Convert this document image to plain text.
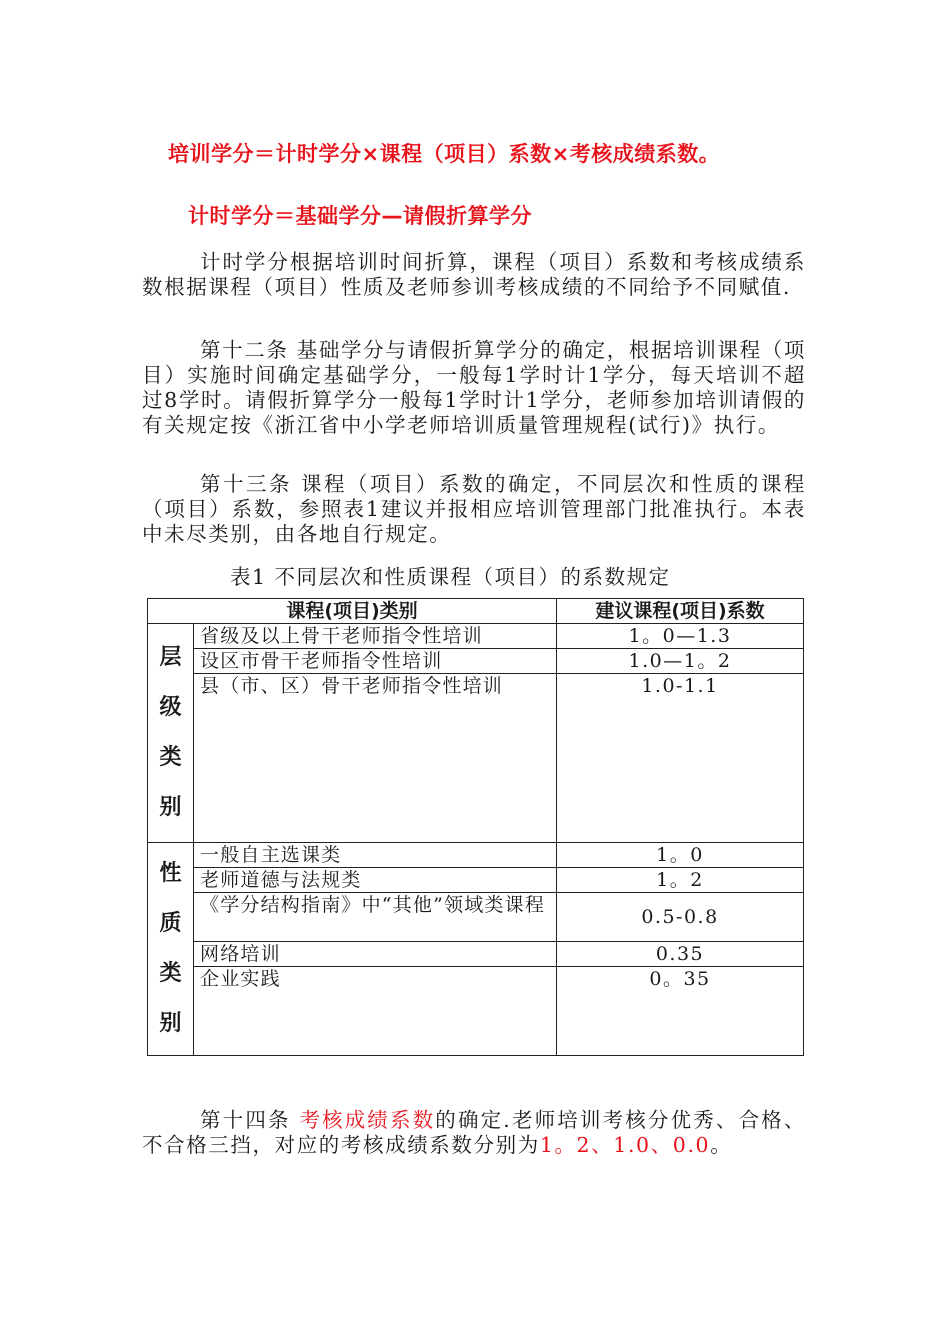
培训学分＝计时学分×课程（项目）系数×考核成绩系数。
计时学分＝基础学分—请假折算学分

计时学分根据培训时间折算，课程（项目）系数和考核成绩系数根据课程（项目）性质及老师参训考核成绩的不同给予不同赋值.

第十二条 基础学分与请假折算学分的确定，根据培训课程（项目）实施时间确定基础学分，一般每1学时计1学分，每天培训不超过8学时。请假折算学分一般每1学时计1学分，老师参加培训请假的有关规定按《浙江省中小学老师培训质量管理规程(试行)》执行。

第十三条 课程（项目）系数的确定，不同层次和性质的课程（项目）系数，参照表1建议并报相应培训管理部门批准执行。本表中未尽类别，由各地自行规定。

表1 不同层次和性质课程（项目）的系数规定
课程(项目)类别		建议课程(项目)系数

层
级
类
别	省级及以上骨干老师指令性培训	1。0—1.3
	设区市骨干老师指令性培训	1.0—1。2
	县（市、区）骨干老师指令性培训	1.0-1.1

性
质
类
别	一般自主选课类	1。0
	老师道德与法规类	1。2
	《学分结构指南》中“其他”领域类课程	0.5-0.8
	网络培训	0.35
	企业实践	0。35

第十四条 考核成绩系数的确定.老师培训考核分优秀、合格、不合格三挡，对应的考核成绩系数分别为1。2、1.0、0.0。
